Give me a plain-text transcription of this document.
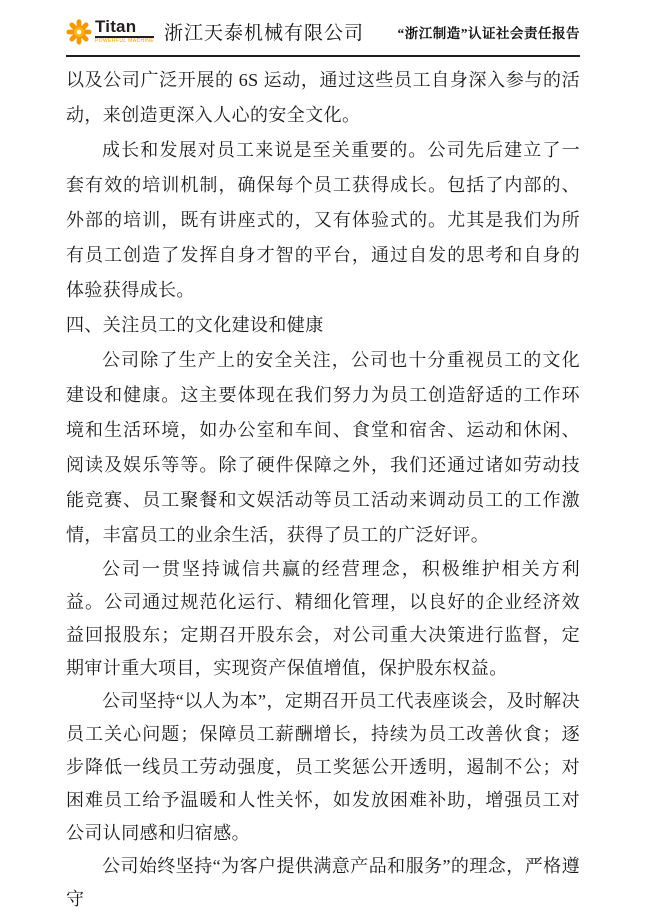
Titan
POWERFUL MACHINE 浙江天泰机械有限公司 “浙江制造”认证社会责任报告

以及公司广泛开展的 6S 运动，通过这些员工自身深入参与的活动，来创造更深入人心的安全文化。

成长和发展对员工来说是至关重要的。公司先后建立了一套有效的培训机制，确保每个员工获得成长。包括了内部的、外部的培训，既有讲座式的，又有体验式的。尤其是我们为所有员工创造了发挥自身才智的平台，通过自发的思考和自身的体验获得成长。

四、关注员工的文化建设和健康

公司除了生产上的安全关注，公司也十分重视员工的文化建设和健康。这主要体现在我们努力为员工创造舒适的工作环境和生活环境，如办公室和车间、食堂和宿舍、运动和休闲、阅读及娱乐等等。除了硬件保障之外，我们还通过诸如劳动技能竞赛、员工聚餐和文娱活动等员工活动来调动员工的工作激情，丰富员工的业余生活，获得了员工的广泛好评。

公司一贯坚持诚信共赢的经营理念，积极维护相关方利益。公司通过规范化运行、精细化管理，以良好的企业经济效益回报股东；定期召开股东会，对公司重大决策进行监督，定期审计重大项目，实现资产保值增值，保护股东权益。

公司坚持“以人为本”，定期召开员工代表座谈会，及时解决员工关心问题；保障员工薪酬增长，持续为员工改善伙食；逐步降低一线员工劳动强度，员工奖惩公开透明，遏制不公；对困难员工给予温暖和人性关怀，如发放困难补助，增强员工对公司认同感和归宿感。

公司始终坚持“为客户提供满意产品和服务”的理念，严格遵守
